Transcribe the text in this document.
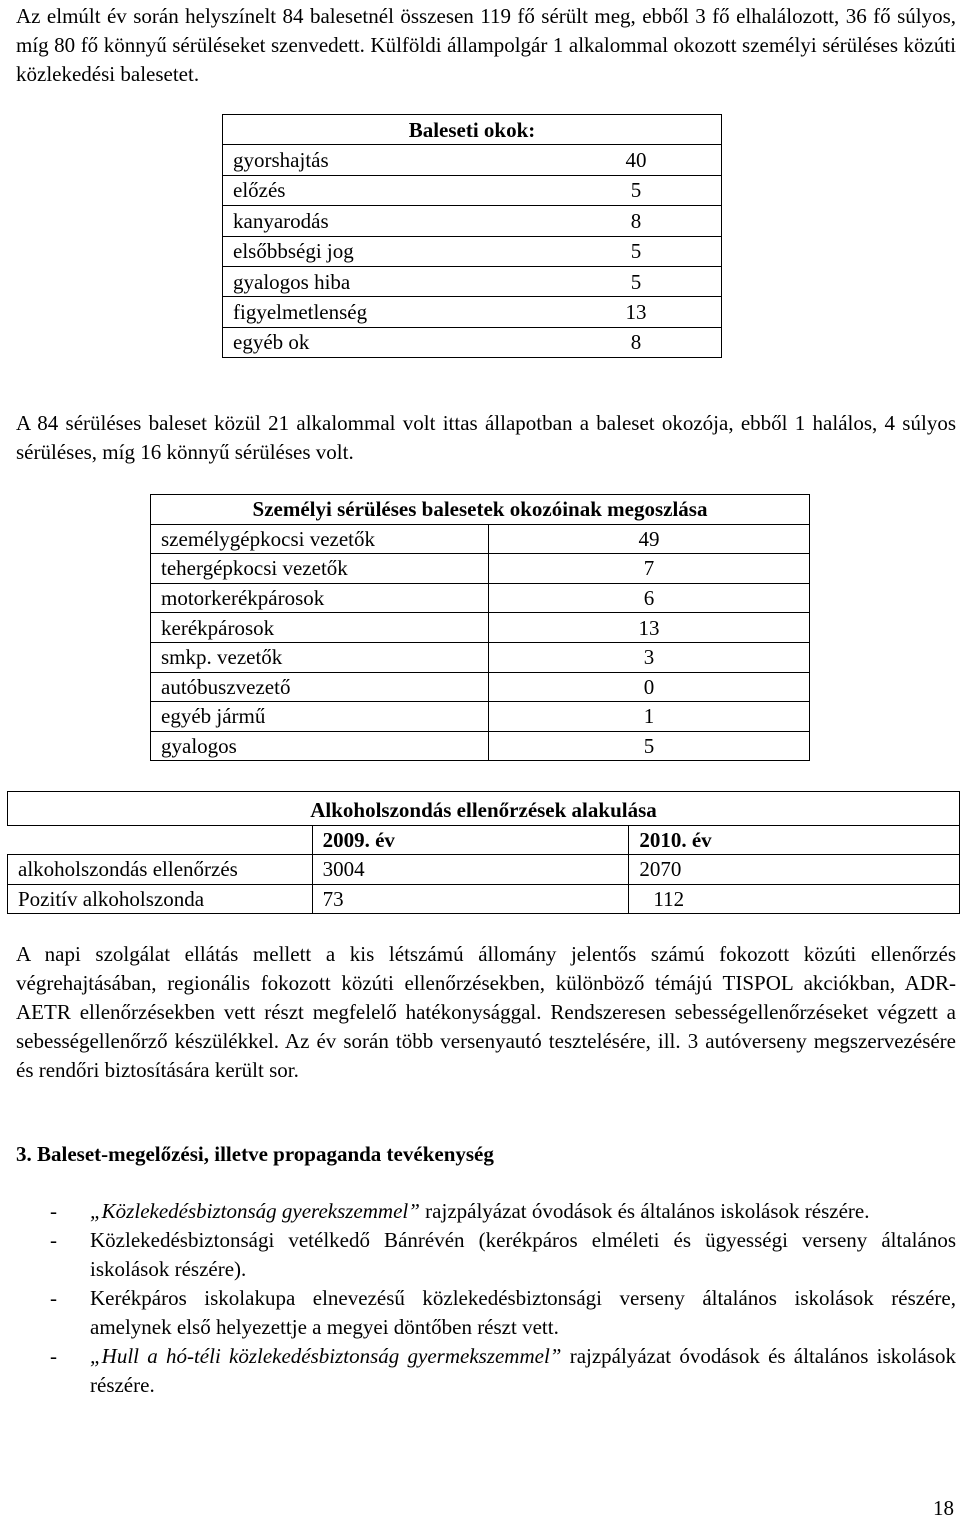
Az elmúlt év során helyszínelt 84 balesetnél összesen 119 fő sérült meg, ebből 3 fő elhalálozott, 36 fő súlyos, míg 80 fő könnyű sérüléseket szenvedett. Külföldi állampolgár 1 alkalommal okozott személyi sérüléses közúti közlekedési balesetet.

Baleseti okok:	
gyorshajtás	40
előzés	5
kanyarodás	8
elsőbbségi jog	5
gyalogos hiba	5
figyelmetlenség	13
egyéb ok	8

A 84 sérüléses baleset közül 21 alkalommal volt ittas állapotban a baleset okozója, ebből 1 halálos, 4 súlyos sérüléses, míg 16 könnyű sérüléses volt.

Személyi sérüléses balesetek okozóinak megoszlása	
személygépkocsi vezetők	49
tehergépkocsi vezetők	7
motorkerékpárosok	6
kerékpárosok	13
smkp. vezetők	3
autóbuszvezető	0
egyéb jármű	1
gyalogos	5
Alkoholszondás ellenőrzések alakulása		
	2009. év	2010. év
alkoholszondás ellenőrzés	3004	2070
Pozitív alkoholszonda	73	112

A napi szolgálat ellátás mellett a kis létszámú állomány jelentős számú fokozott közúti ellenőrzés végrehajtásában, regionális fokozott közúti ellenőrzésekben, különböző témájú TISPOL akciókban, ADR-AETR ellenőrzésekben vett részt megfelelő hatékonysággal. Rendszeresen sebességellenőrzéseket végzett a sebességellenőrző készülékkel. Az év során több versenyautó tesztelésére, ill. 3 autóverseny megszervezésére és rendőri biztosítására került sor.

3. Baleset-megelőzési, illetve propaganda tevékenység
- „Közlekedésbiztonság gyerekszemmel” rajzpályázat óvodások és általános iskolások részére.
- Közlekedésbiztonsági vetélkedő Bánrévén (kerékpáros elméleti és ügyességi verseny általános iskolások részére).
- Kerékpáros iskolakupa elnevezésű közlekedésbiztonsági verseny általános iskolások részére, amelynek első helyezettje a megyei döntőben részt vett.
- „Hull a hó-téli közlekedésbiztonság gyermekszemmel” rajzpályázat óvodások és általános iskolások részére.
18
